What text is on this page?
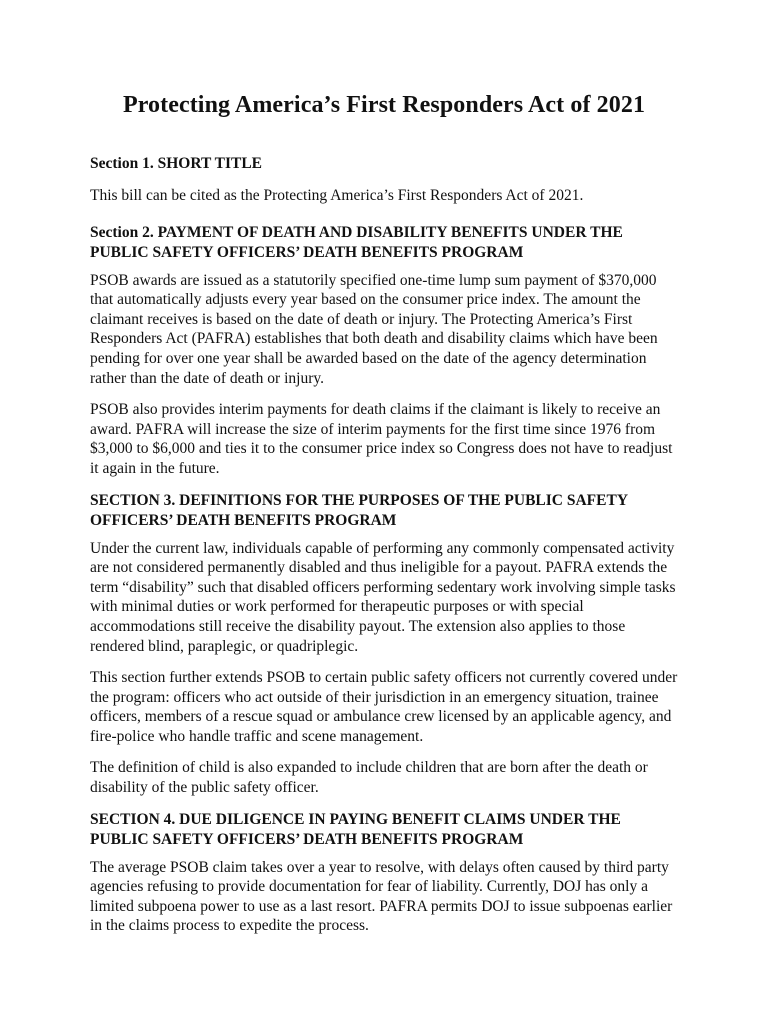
Protecting America’s First Responders Act of 2021
Section 1. SHORT TITLE

This bill can be cited as the Protecting America’s First Responders Act of 2021.

Section 2. PAYMENT OF DEATH AND DISABILITY BENEFITS UNDER THE PUBLIC SAFETY OFFICERS’ DEATH BENEFITS PROGRAM

PSOB awards are issued as a statutorily specified one-time lump sum payment of $370,000 that automatically adjusts every year based on the consumer price index. The amount the claimant receives is based on the date of death or injury. The Protecting America’s First Responders Act (PAFRA) establishes that both death and disability claims which have been pending for over one year shall be awarded based on the date of the agency determination rather than the date of death or injury.

PSOB also provides interim payments for death claims if the claimant is likely to receive an award. PAFRA will increase the size of interim payments for the first time since 1976 from $3,000 to $6,000 and ties it to the consumer price index so Congress does not have to readjust it again in the future.

SECTION 3. DEFINITIONS FOR THE PURPOSES OF THE PUBLIC SAFETY OFFICERS’ DEATH BENEFITS PROGRAM

Under the current law, individuals capable of performing any commonly compensated activity are not considered permanently disabled and thus ineligible for a payout. PAFRA extends the term “disability” such that disabled officers performing sedentary work involving simple tasks with minimal duties or work performed for therapeutic purposes or with special accommodations still receive the disability payout. The extension also applies to those rendered blind, paraplegic, or quadriplegic.

This section further extends PSOB to certain public safety officers not currently covered under the program: officers who act outside of their jurisdiction in an emergency situation, trainee officers, members of a rescue squad or ambulance crew licensed by an applicable agency, and fire-police who handle traffic and scene management.

The definition of child is also expanded to include children that are born after the death or disability of the public safety officer.

SECTION 4. DUE DILIGENCE IN PAYING BENEFIT CLAIMS UNDER THE PUBLIC SAFETY OFFICERS’ DEATH BENEFITS PROGRAM

The average PSOB claim takes over a year to resolve, with delays often caused by third party agencies refusing to provide documentation for fear of liability. Currently, DOJ has only a limited subpoena power to use as a last resort. PAFRA permits DOJ to issue subpoenas earlier in the claims process to expedite the process.
